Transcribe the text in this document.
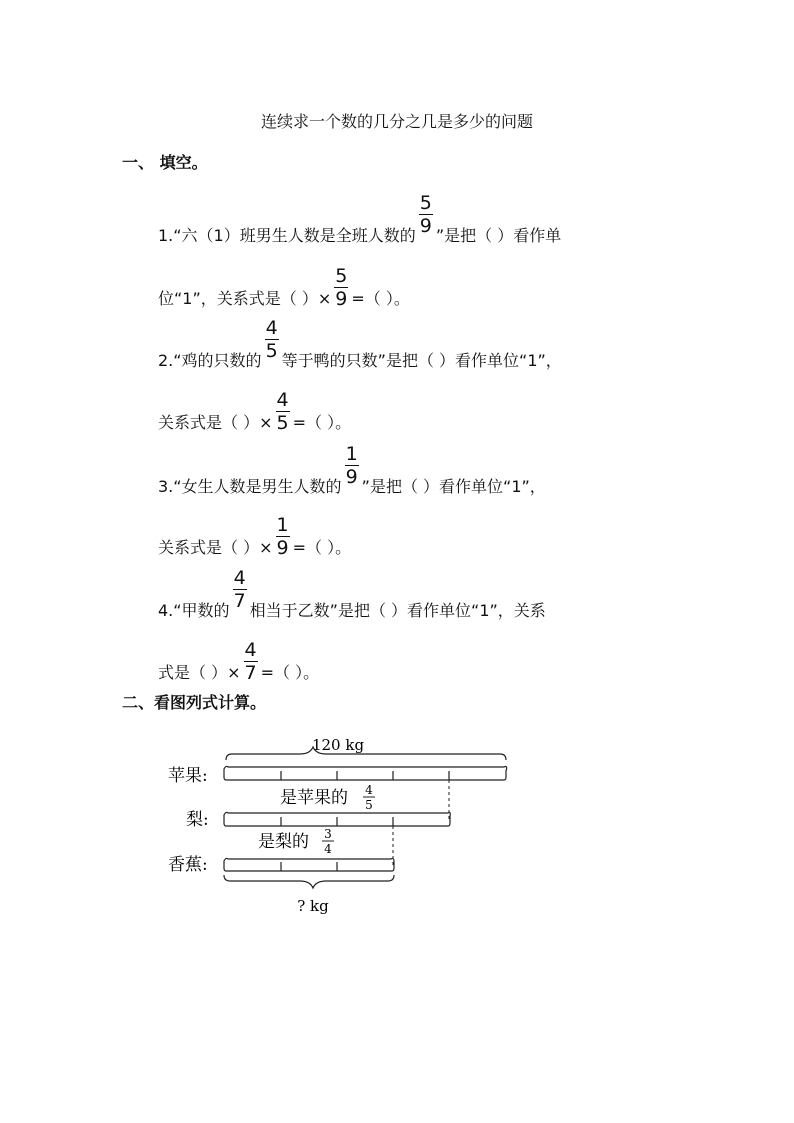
连续求一个数的几分之几是多少的问题
一、 填空。
1.“六（1）班男生人数是全班人数的 $\frac{5}{9}$ ”是把（ ）看作单
位“1”，关系式是（ ）× $\frac{5}{9}$ =（ ）。
2.“鸡的只数的 $\frac{4}{5}$ 等于鸭的只数”是把（ ）看作单位“1”，
关系式是（ ）× $\frac{4}{5}$ =（ ）。
3.“女生人数是男生人数的 $\frac{1}{9}$ ”是把（ ）看作单位“1”，
关系式是（ ）× $\frac{1}{9}$ =（ ）。
4.“甲数的 $\frac{4}{7}$ 相当于乙数”是把（ ）看作单位“1”，关系
式是（ ）× $\frac{4}{7}$ =（ ）。
二、看图列式计算。
120 kg
苹果:
是苹果的 4
5
梨:
是梨的 3
4
香蕉:
? kg
